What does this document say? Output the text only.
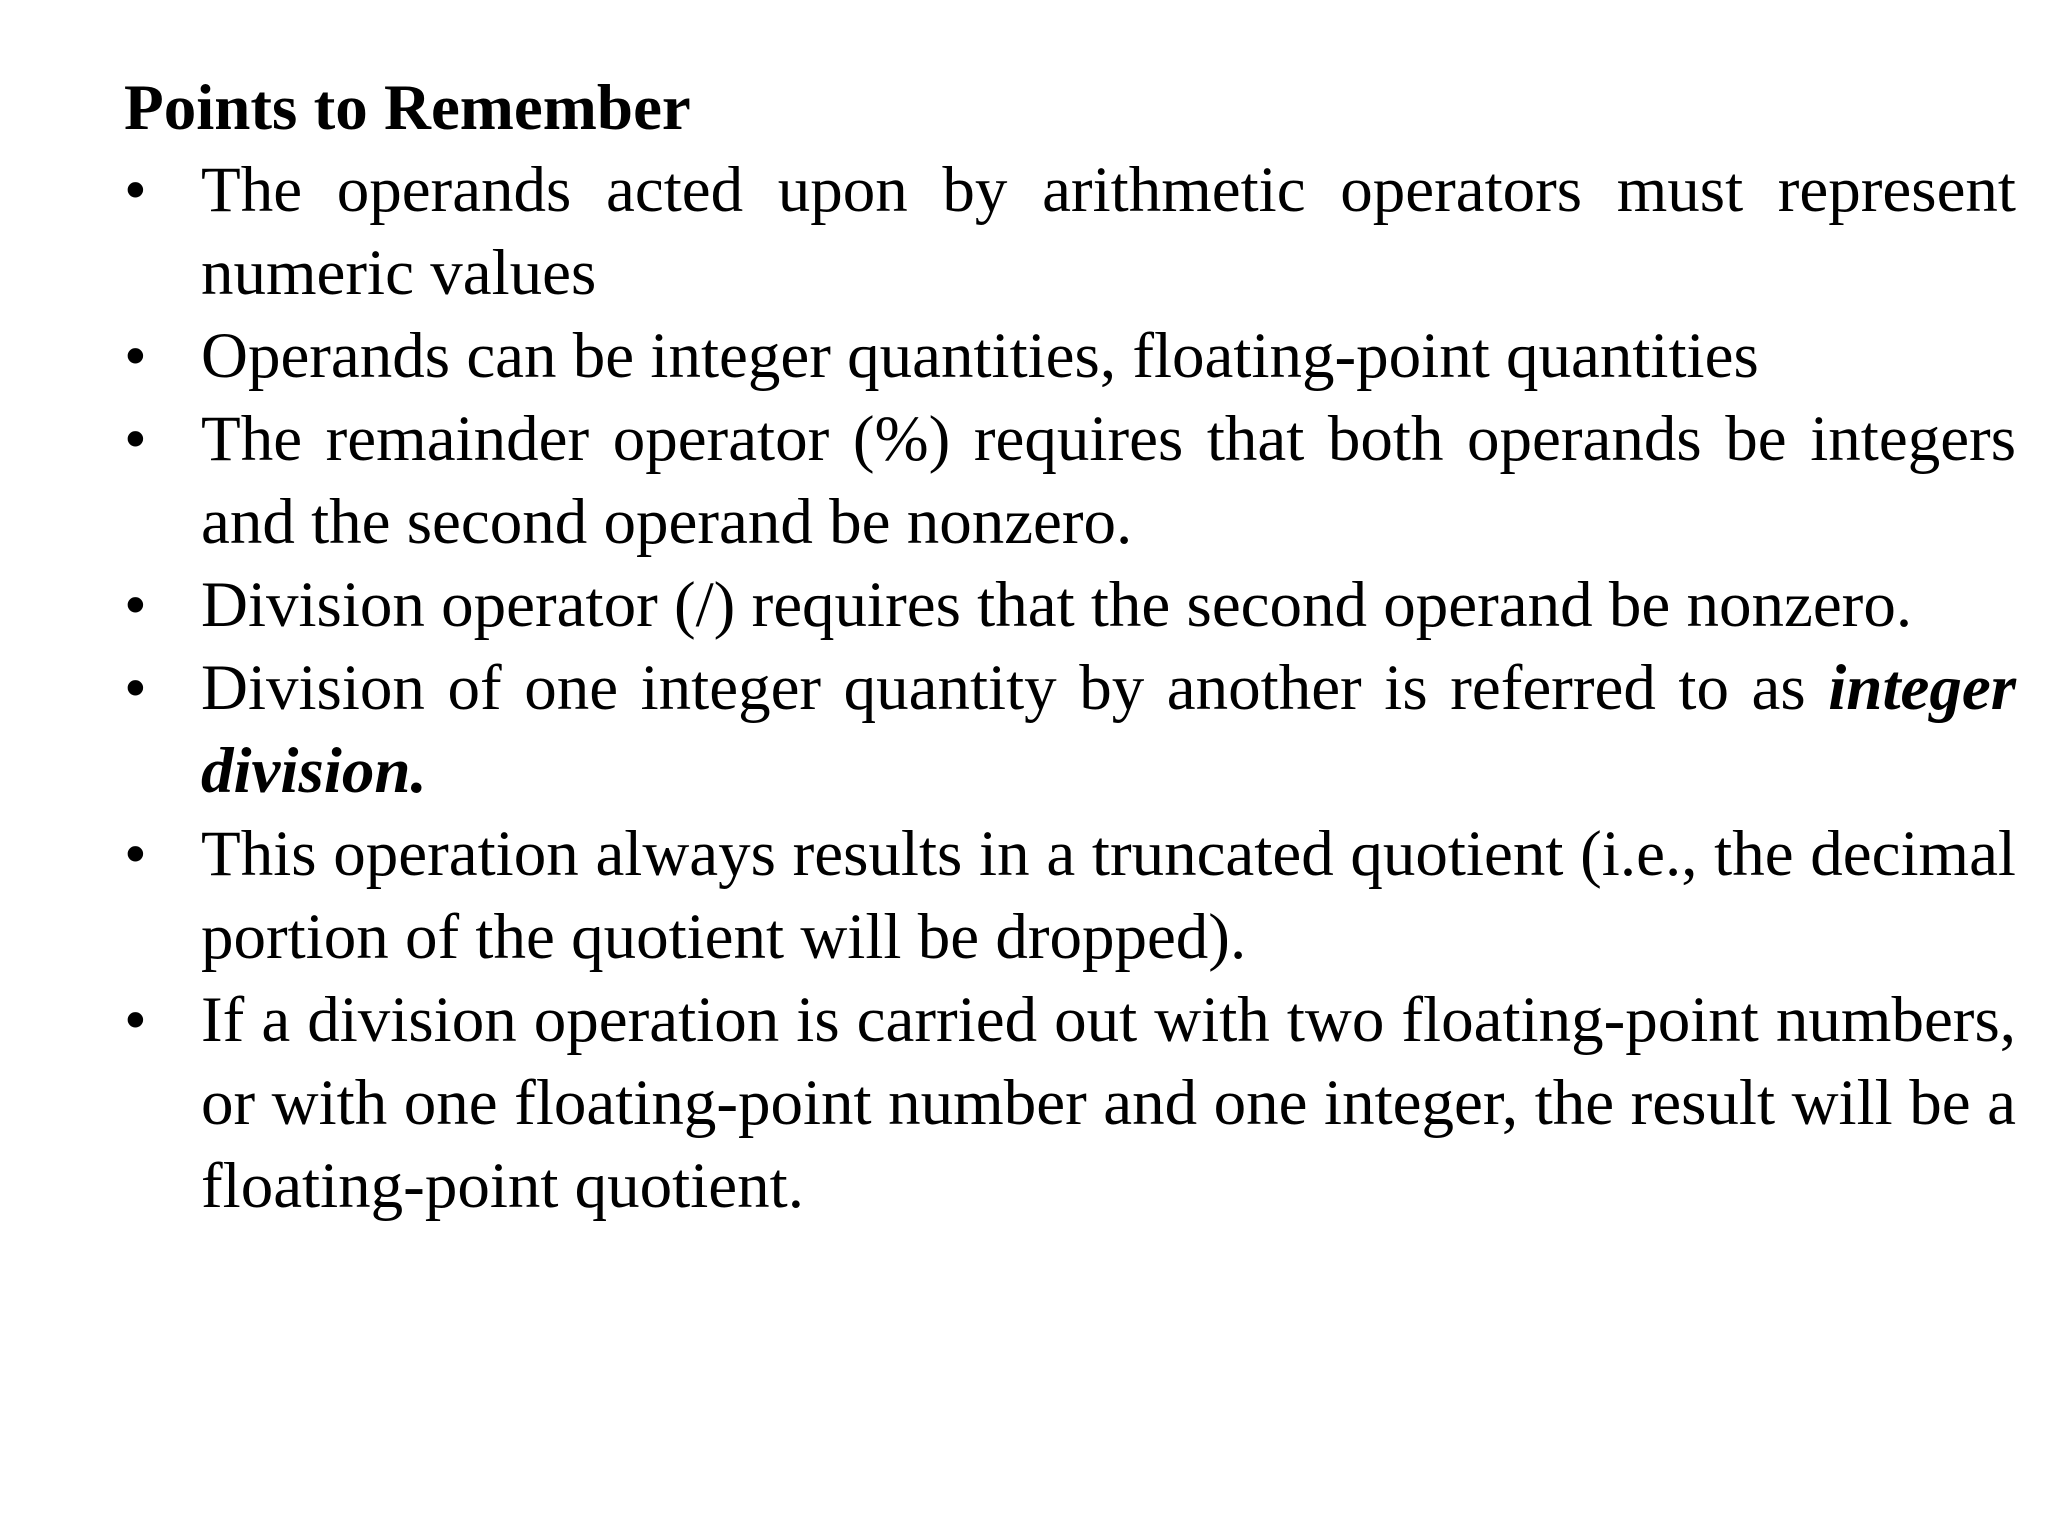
Points to Remember
• The operands acted upon by arithmetic operators must represent numeric values
• Operands can be integer quantities, floating-point quantities
• The remainder operator (%) requires that both operands be integers and the second operand be nonzero.
• Division operator (/) requires that the second operand be nonzero.
• Division of one integer quantity by another is referred to as integer division.
• This operation always results in a truncated quotient (i.e., the decimal portion of the quotient will be dropped).
• If a division operation is carried out with two floating-point numbers, or with one floating-point number and one integer, the result will be a floating-point quotient.
